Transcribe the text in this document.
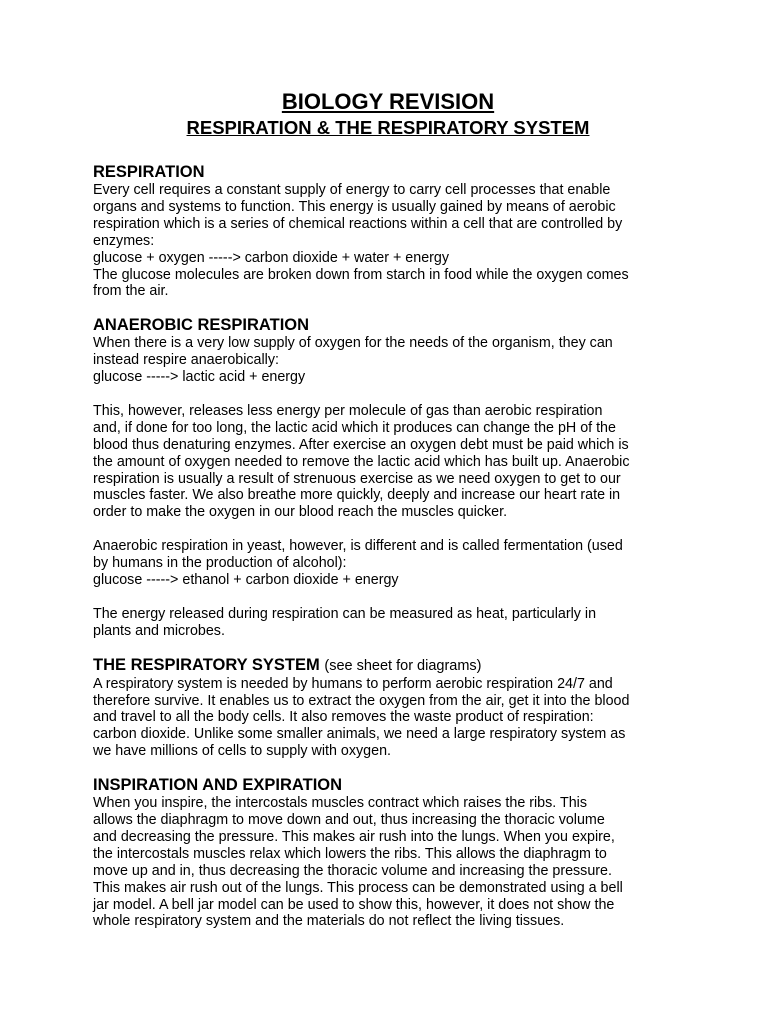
BIOLOGY REVISION
RESPIRATION & THE RESPIRATORY SYSTEM
RESPIRATION

Every cell requires a constant supply of energy to carry cell processes that enable
organs and systems to function. This energy is usually gained by means of aerobic
respiration which is a series of chemical reactions within a cell that are controlled by
enzymes:
glucose + oxygen -----> carbon dioxide + water + energy
The glucose molecules are broken down from starch in food while the oxygen comes
from the air.

ANAEROBIC RESPIRATION

When there is a very low supply of oxygen for the needs of the organism, they can
instead respire anaerobically:
glucose -----> lactic acid + energy

This, however, releases less energy per molecule of gas than aerobic respiration
and, if done for too long, the lactic acid which it produces can change the pH of the
blood thus denaturing enzymes. After exercise an oxygen debt must be paid which is
the amount of oxygen needed to remove the lactic acid which has built up. Anaerobic
respiration is usually a result of strenuous exercise as we need oxygen to get to our
muscles faster. We also breathe more quickly, deeply and increase our heart rate in
order to make the oxygen in our blood reach the muscles quicker.

Anaerobic respiration in yeast, however, is different and is called fermentation (used
by humans in the production of alcohol):
glucose -----> ethanol + carbon dioxide + energy

The energy released during respiration can be measured as heat, particularly in
plants and microbes.

THE RESPIRATORY SYSTEM (see sheet for diagrams)

A respiratory system is needed by humans to perform aerobic respiration 24/7 and
therefore survive. It enables us to extract the oxygen from the air, get it into the blood
and travel to all the body cells. It also removes the waste product of respiration:
carbon dioxide. Unlike some smaller animals, we need a large respiratory system as
we have millions of cells to supply with oxygen.

INSPIRATION AND EXPIRATION

When you inspire, the intercostals muscles contract which raises the ribs. This
allows the diaphragm to move down and out, thus increasing the thoracic volume
and decreasing the pressure. This makes air rush into the lungs. When you expire,
the intercostals muscles relax which lowers the ribs. This allows the diaphragm to
move up and in, thus decreasing the thoracic volume and increasing the pressure.
This makes air rush out of the lungs. This process can be demonstrated using a bell
jar model. A bell jar model can be used to show this, however, it does not show the
whole respiratory system and the materials do not reflect the living tissues.
